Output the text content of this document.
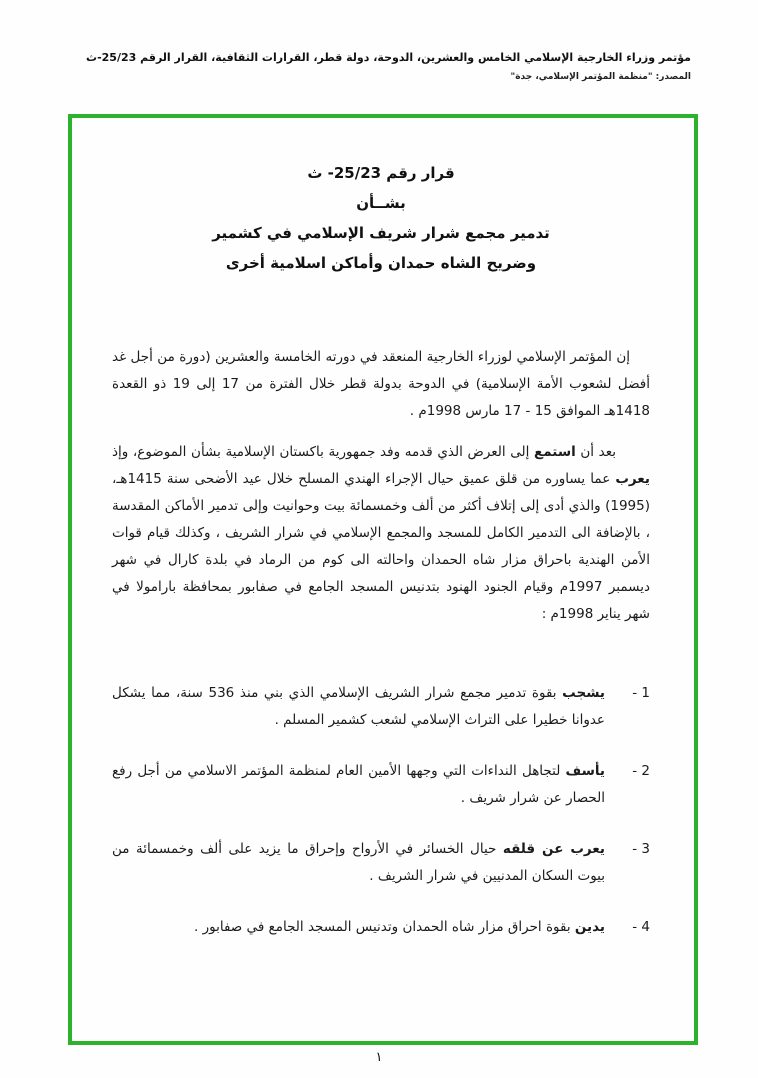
مؤتمر وزراء الخارجية الإسلامي الخامس والعشرين، الدوحة، دولة قطر، القرارات الثقافية، القرار الرقم 25/23-ث
المصدر: "منظمة المؤتمر الإسلامي، جدة"
قرار رقم 25/23- ث
بشــأن
تدمير مجمع شرار شريف الإسلامي في كشمير
وضريح الشاه حمدان وأماكن اسلامية أخرى

إن المؤتمر الإسلامي لوزراء الخارجية المنعقد في دورته الخامسة والعشرين (دورة من أجل غد أفضل لشعوب الأمة الإسلامية) في الدوحة بدولة قطر خلال الفترة من 17 إلى 19 ذو القعدة 1418هـ الموافق 15 - 17 مارس 1998م .

بعد أن استمع إلى العرض الذي قدمه وفد جمهورية باكستان الإسلامية بشأن الموضوع، وإذ يعرب عما يساوره من قلق عميق حيال الإجراء الهندي المسلح خلال عيد الأضحى سنة 1415هـ، (1995) والذي أدى إلى إتلاف أكثر من ألف وخمسمائة بيت وحوانيت وإلى تدمير الأماكن المقدسة ، بالإضافة الى التدمير الكامل للمسجد والمجمع الإسلامي في شرار الشريف ، وكذلك قيام قوات الأمن الهندية باحراق مزار شاه الحمدان واحالته الى كوم من الرماد في بلدة كارال في شهر ديسمبر 1997م وقيام الجنود الهنود بتدنيس المسجد الجامع في صفابور بمحافظة بارامولا في شهر يناير 1998م :

- 1

يشجب بقوة تدمير مجمع شرار الشريف الإسلامي الذي بني منذ 536 سنة، مما يشكل عدوانا خطيرا على التراث الإسلامي لشعب كشمير المسلم .

- 2

يأسف لتجاهل النداءات التي وجهها الأمين العام لمنظمة المؤتمر الاسلامي من أجل رفع الحصار عن شرار شريف .

- 3

يعرب عن قلقه حيال الخسائر في الأرواح وإحراق ما يزيد على ألف وخمسمائة من بيوت السكان المدنيين في شرار الشريف .

- 4

يدين بقوة احراق مزار شاه الحمدان وتدنيس المسجد الجامع في صفابور .

١
